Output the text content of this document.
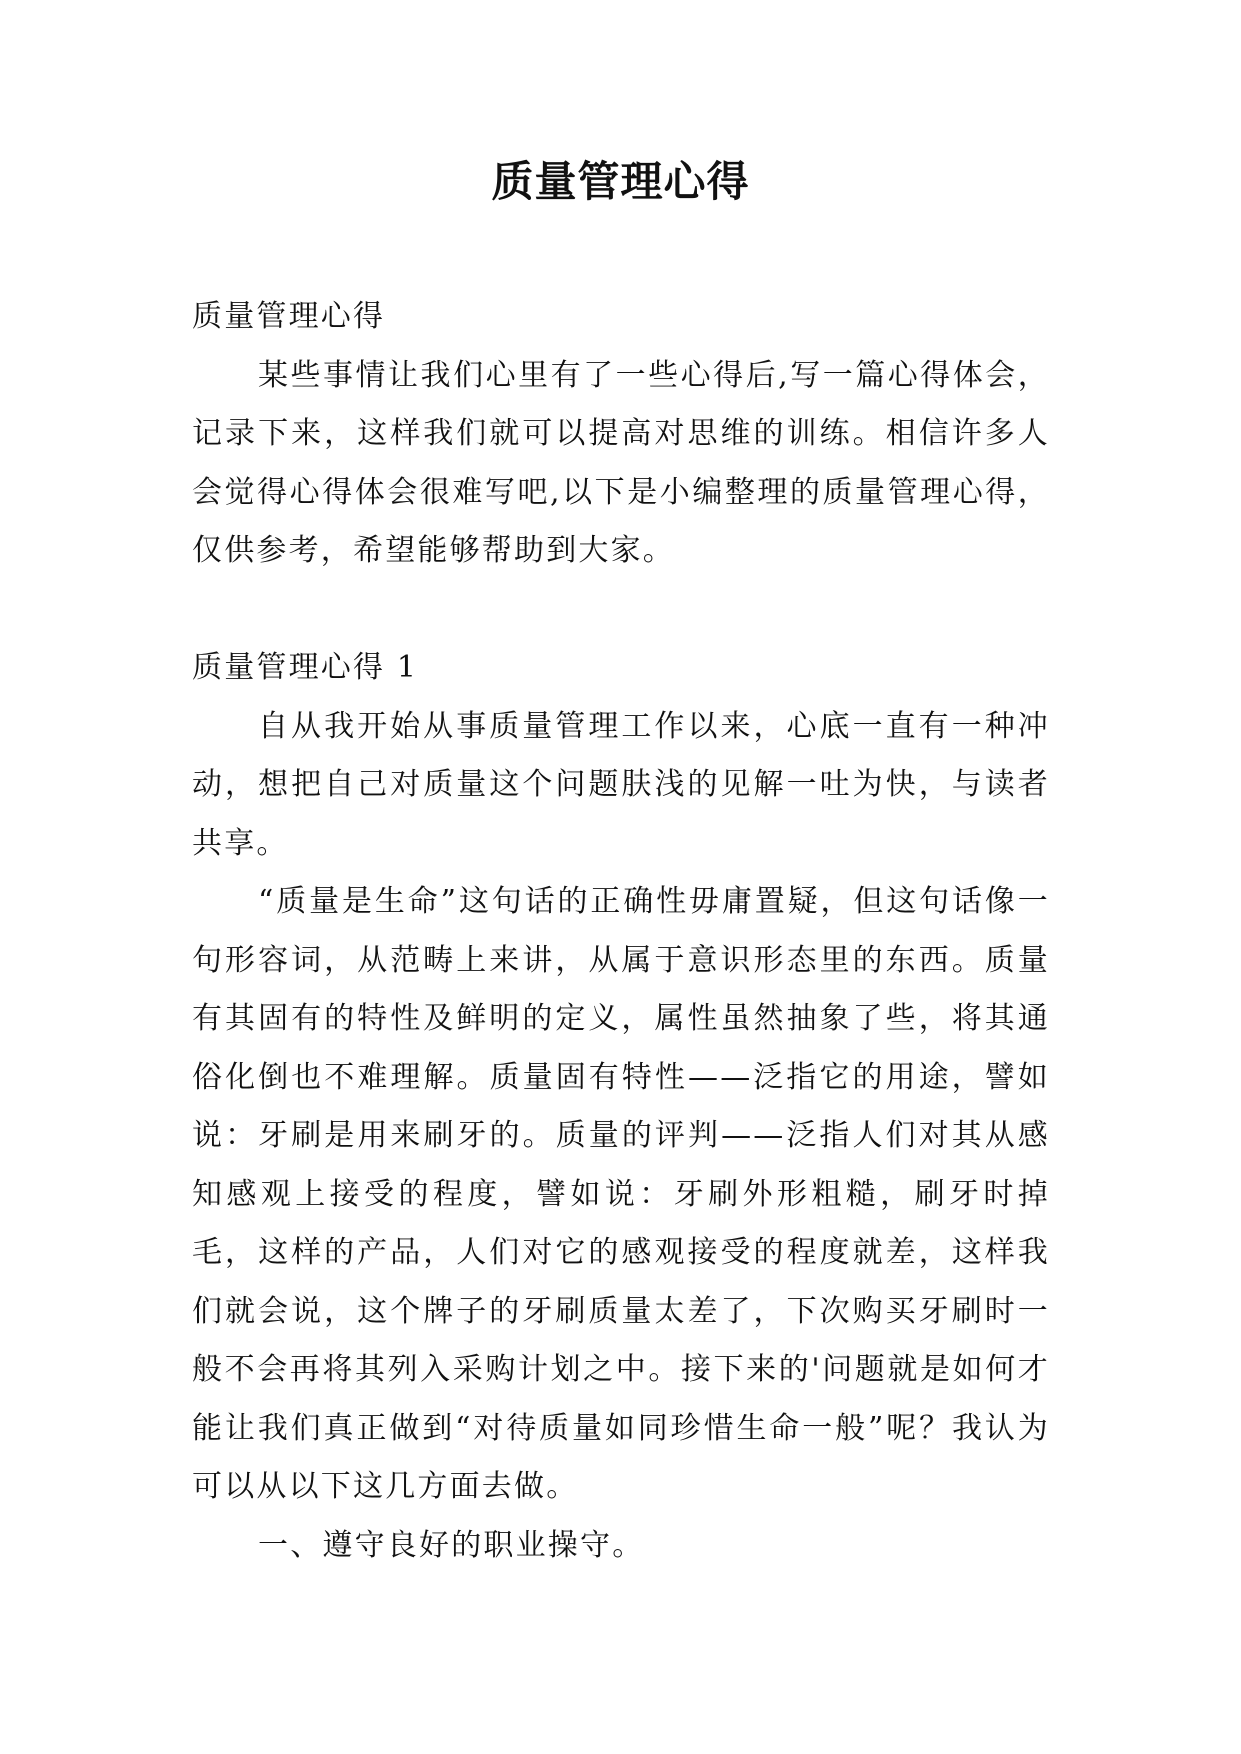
质量管理心得

质量管理心得

某些事情让我们心里有了一些心得后,写一篇心得体会，记录下来，这样我们就可以提高对思维的训练。相信许多人会觉得心得体会很难写吧,以下是小编整理的质量管理心得，仅供参考，希望能够帮助到大家。

质量管理心得 1

自从我开始从事质量管理工作以来，心底一直有一种冲动，想把自己对质量这个问题肤浅的见解一吐为快，与读者共享。

“质量是生命”这句话的正确性毋庸置疑，但这句话像一句形容词，从范畴上来讲，从属于意识形态里的东西。质量有其固有的特性及鲜明的定义，属性虽然抽象了些，将其通俗化倒也不难理解。质量固有特性——泛指它的用途，譬如说：牙刷是用来刷牙的。质量的评判——泛指人们对其从感知感观上接受的程度，譬如说：牙刷外形粗糙，刷牙时掉毛，这样的产品，人们对它的感观接受的程度就差，这样我们就会说，这个牌子的牙刷质量太差了，下次购买牙刷时一般不会再将其列入采购计划之中。接下来的'问题就是如何才能让我们真正做到“对待质量如同珍惜生命一般”呢？我认为可以从以下这几方面去做。

一、遵守良好的职业操守。
